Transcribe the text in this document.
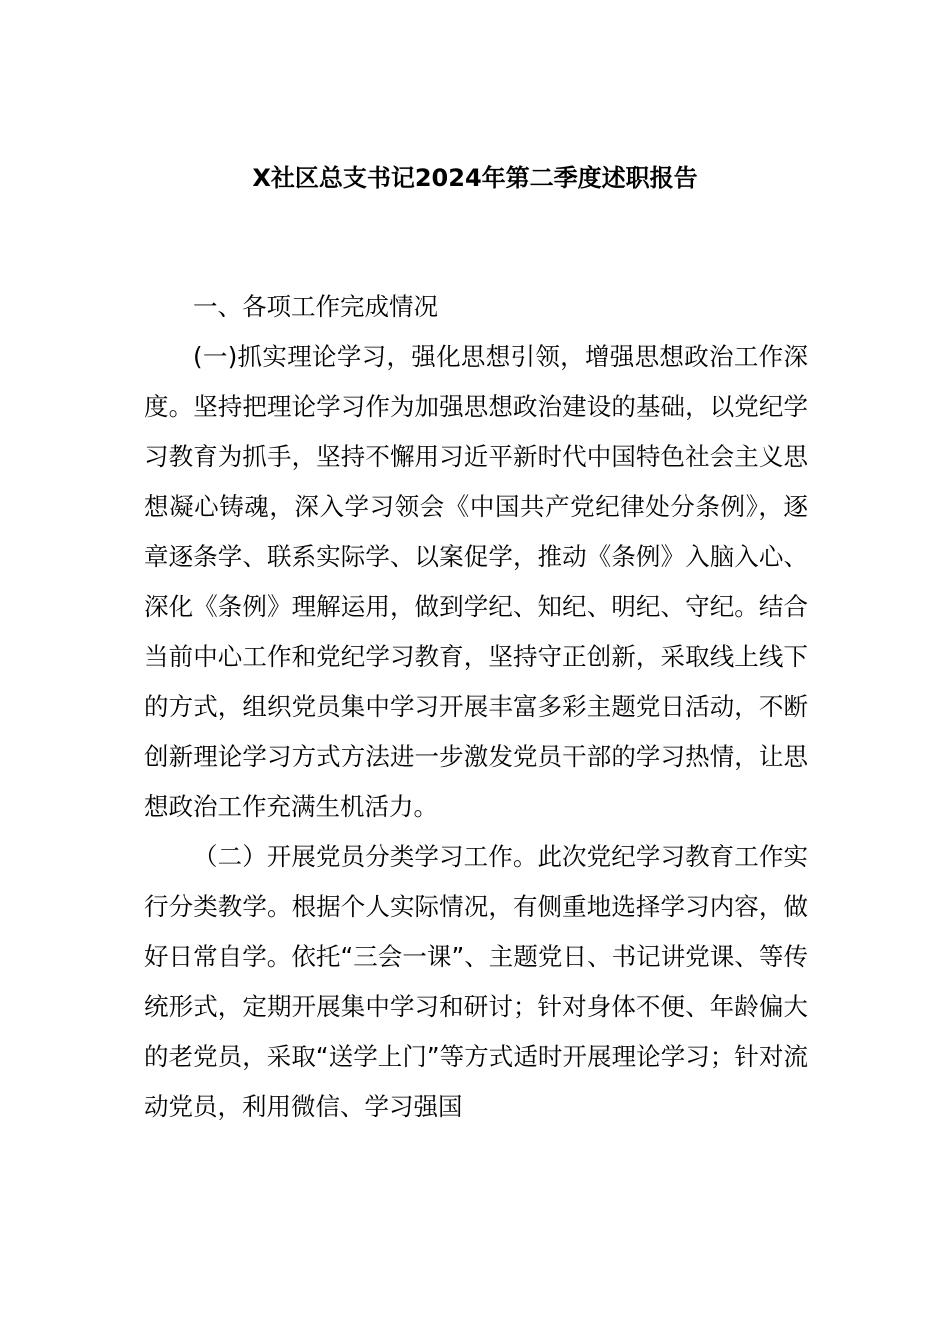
X社区总支书记2024年第二季度述职报告

一、各项工作完成情况

(一)抓实理论学习，强化思想引领，增强思想政治工作深度。坚持把理论学习作为加强思想政治建设的基础，以党纪学习教育为抓手，坚持不懈用习近平新时代中国特色社会主义思想凝心铸魂，深入学习领会《中国共产党纪律处分条例》，逐章逐条学、联系实际学、以案促学，推动《条例》入脑入心、深化《条例》理解运用，做到学纪、知纪、明纪、守纪。结合当前中心工作和党纪学习教育，坚持守正创新，采取线上线下的方式，组织党员集中学习开展丰富多彩主题党日活动，不断创新理论学习方式方法进一步激发党员干部的学习热情，让思想政治工作充满生机活力。

（二）开展党员分类学习工作。此次党纪学习教育工作实行分类教学。根据个人实际情况，有侧重地选择学习内容，做好日常自学。依托“三会一课”、主题党日、书记讲党课、等传统形式，定期开展集中学习和研讨；针对身体不便、年龄偏大的老党员，采取“送学上门”等方式适时开展理论学习；针对流动党员，利用微信、学习强国
